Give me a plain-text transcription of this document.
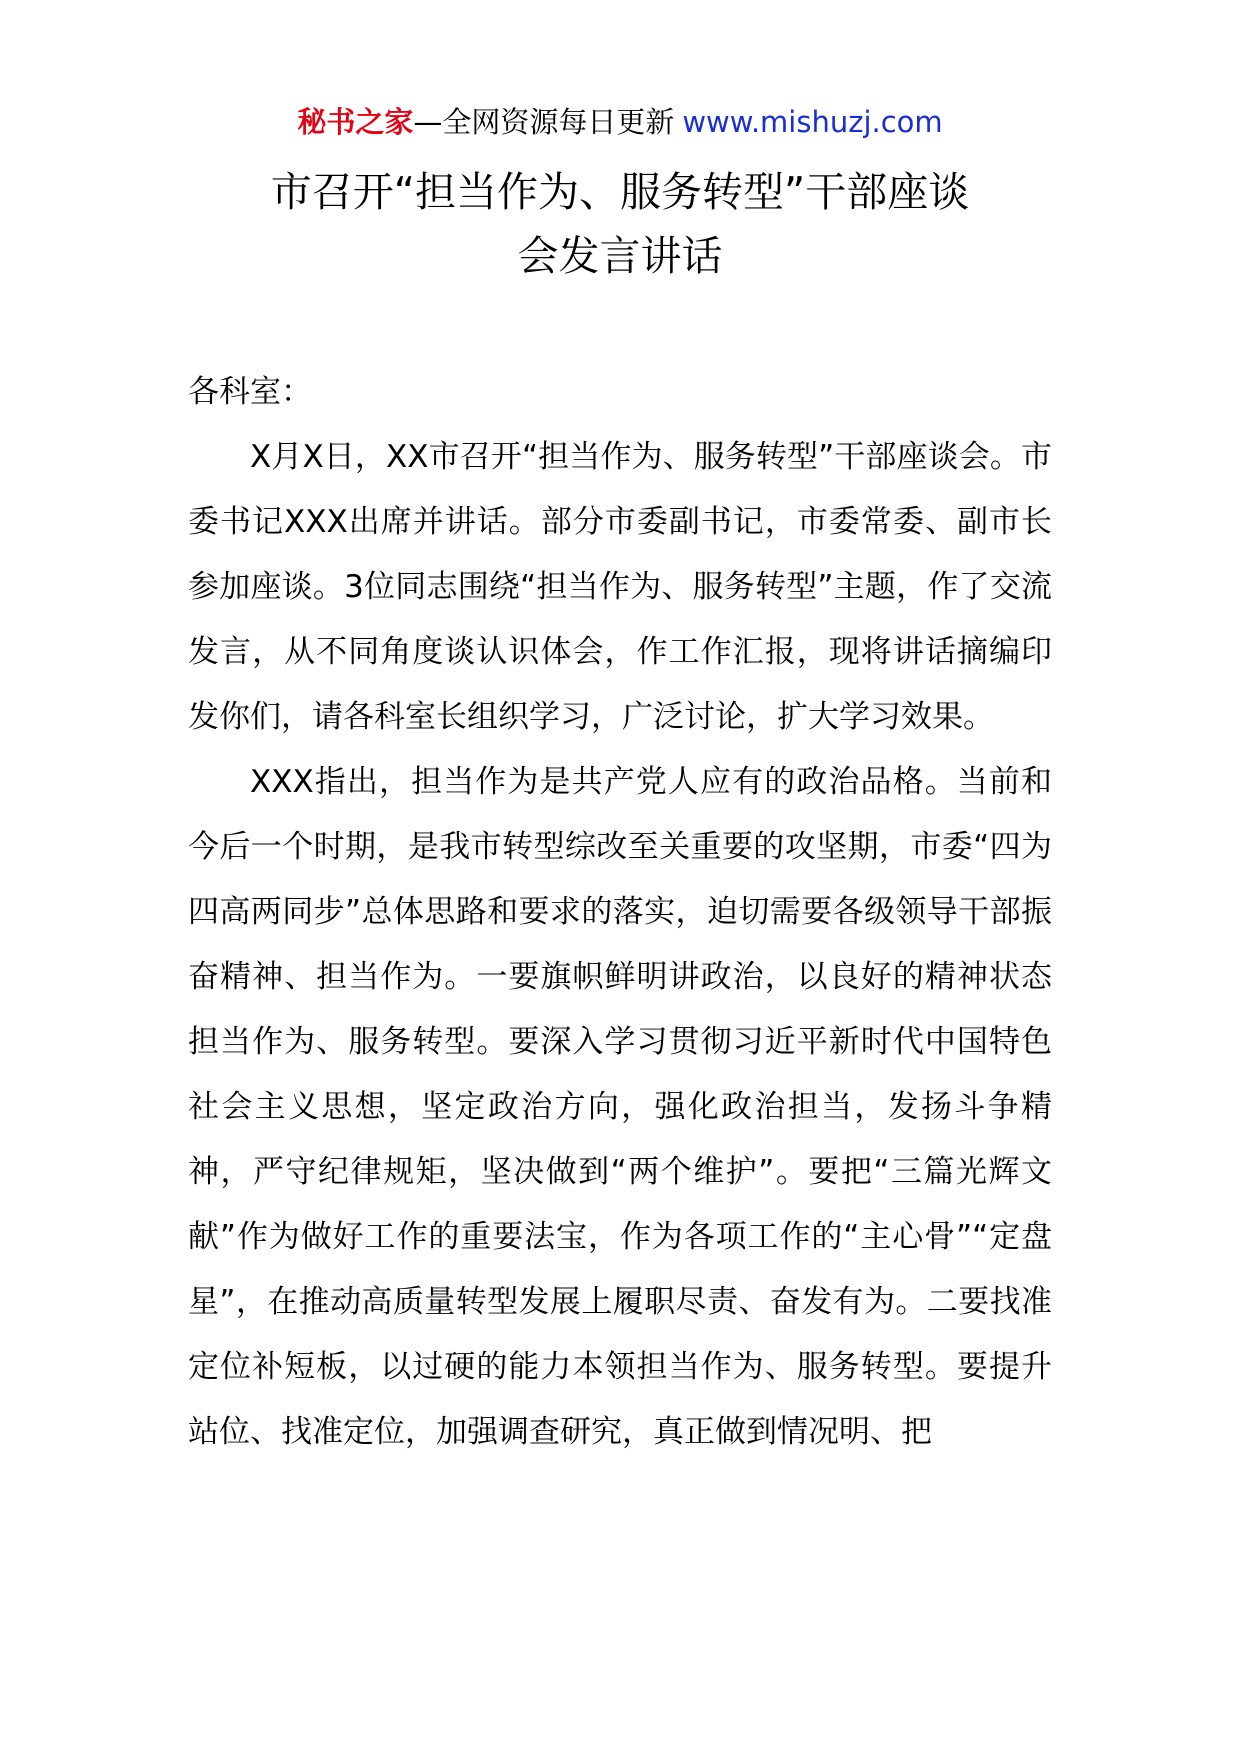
秘书之家—全网资源每日更新 www.mishuzj.com
市召开“担当作为、服务转型”干部座谈
会发言讲话

各科室：

X月X日，XX市召开“担当作为、服务转型”干部座谈会。市委书记XXX出席并讲话。部分市委副书记，市委常委、副市长参加座谈。3位同志围绕“担当作为、服务转型”主题，作了交流发言，从不同角度谈认识体会，作工作汇报，现将讲话摘编印发你们，请各科室长组织学习，广泛讨论，扩大学习效果。

XXX指出，担当作为是共产党人应有的政治品格。当前和今后一个时期，是我市转型综改至关重要的攻坚期，市委“四为四高两同步”总体思路和要求的落实，迫切需要各级领导干部振奋精神、担当作为。一要旗帜鲜明讲政治，以良好的精神状态担当作为、服务转型。要深入学习贯彻习近平新时代中国特色社会主义思想，坚定政治方向，强化政治担当，发扬斗争精神，严守纪律规矩，坚决做到“两个维护”。要把“三篇光辉文献”作为做好工作的重要法宝，作为各项工作的“主心骨”“定盘星”，在推动高质量转型发展上履职尽责、奋发有为。二要找准定位补短板，以过硬的能力本领担当作为、服务转型。要提升站位、找准定位，加强调查研究，真正做到情况明、把
